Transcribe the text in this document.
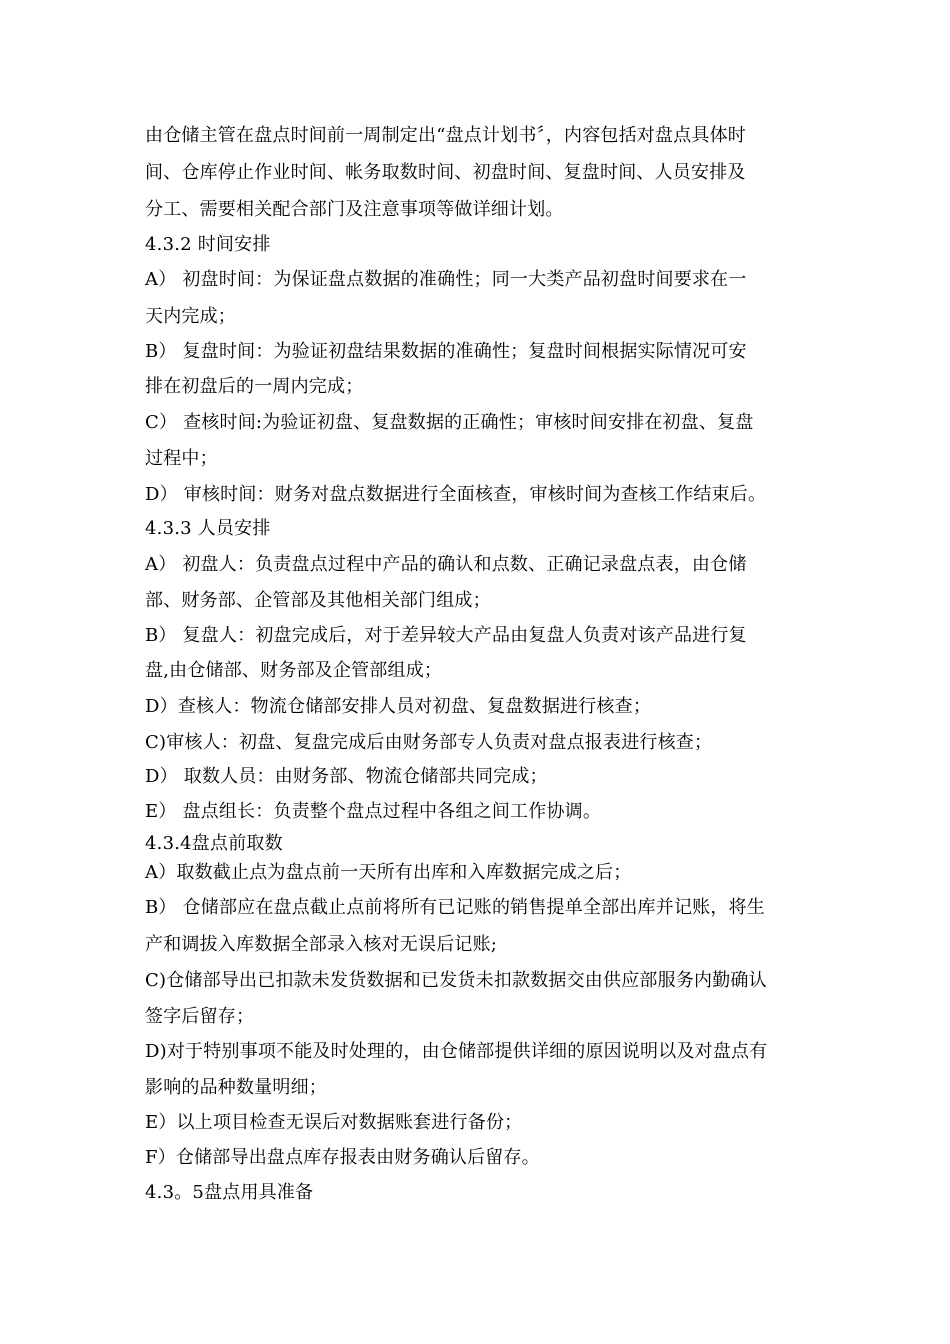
由仓储主管在盘点时间前一周制定出“盘点计划书〞，内容包括对盘点具体时
间、仓库停止作业时间、帐务取数时间、初盘时间、复盘时间、人员安排及
分工、需要相关配合部门及注意事项等做详细计划。
4.3.2 时间安排
A） 初盘时间：为保证盘点数据的准确性；同一大类产品初盘时间要求在一
天内完成；
B） 复盘时间：为验证初盘结果数据的准确性；复盘时间根据实际情况可安
排在初盘后的一周内完成；
C） 查核时间:为验证初盘、复盘数据的正确性；审核时间安排在初盘、复盘
过程中；
D） 审核时间：财务对盘点数据进行全面核查，审核时间为查核工作结束后。
4.3.3 人员安排
A） 初盘人：负责盘点过程中产品的确认和点数、正确记录盘点表，由仓储
部、财务部、企管部及其他相关部门组成；
B） 复盘人：初盘完成后，对于差异较大产品由复盘人负责对该产品进行复
盘,由仓储部、财务部及企管部组成；
D）查核人：物流仓储部安排人员对初盘、复盘数据进行核查；
C)审核人：初盘、复盘完成后由财务部专人负责对盘点报表进行核查；
D） 取数人员：由财务部、物流仓储部共同完成；
E） 盘点组长：负责整个盘点过程中各组之间工作协调。
4.3.4盘点前取数
A）取数截止点为盘点前一天所有出库和入库数据完成之后；
B） 仓储部应在盘点截止点前将所有已记账的销售提单全部出库并记账，将生
产和调拔入库数据全部录入核对无误后记账;
C)仓储部导出已扣款未发货数据和已发货未扣款数据交由供应部服务内勤确认
签字后留存；
D)对于特别事项不能及时处理的，由仓储部提供详细的原因说明以及对盘点有
影响的品种数量明细；
E）以上项目检查无误后对数据账套进行备份；
F）仓储部导出盘点库存报表由财务确认后留存。
4.3。5盘点用具准备
